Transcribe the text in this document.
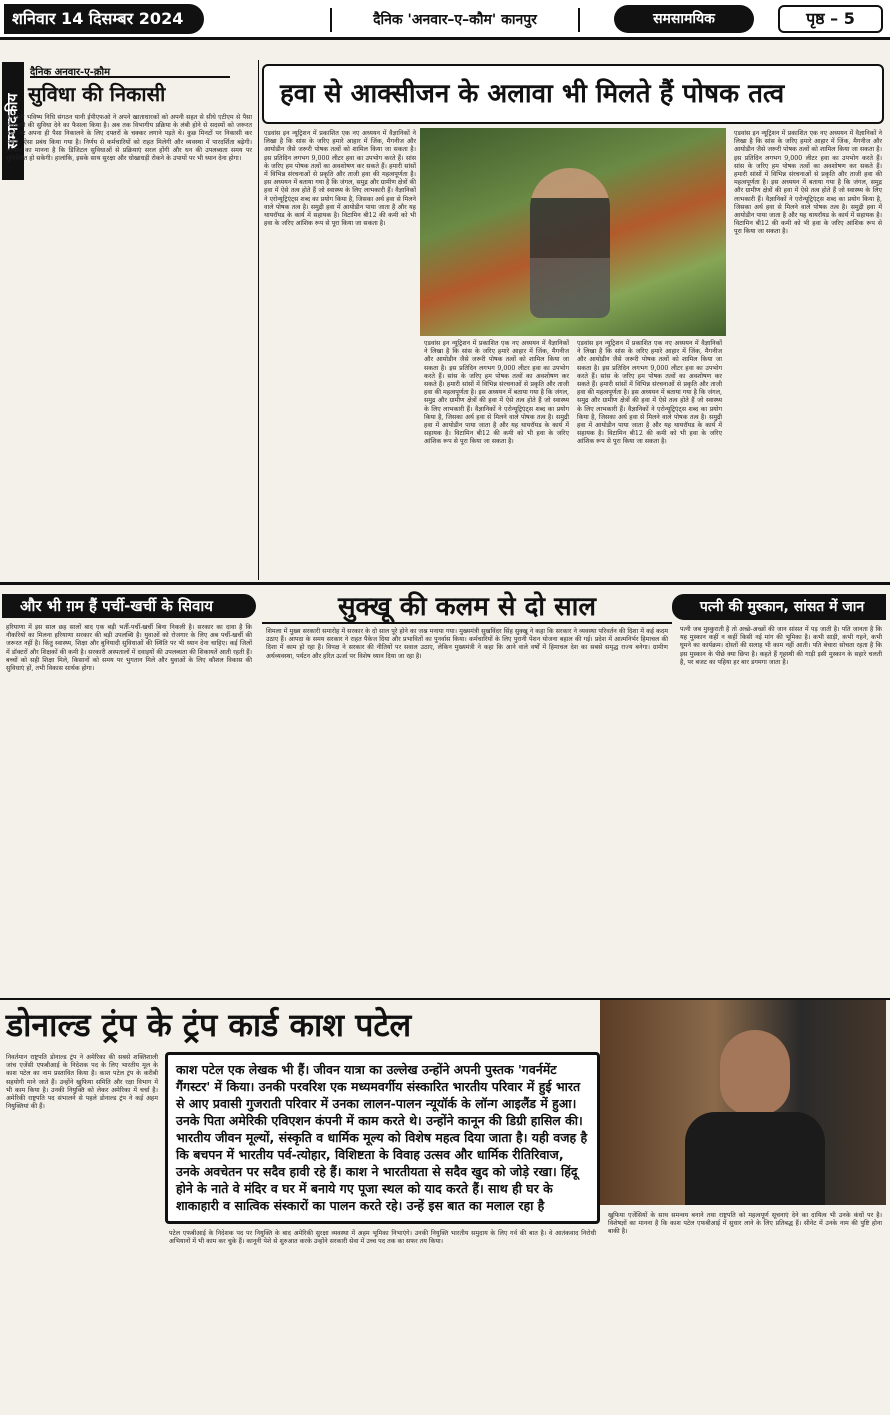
शनिवार 14 दिसम्बर 2024	दैनिक 'अनवार–ए–कौम' कानपुर	समसामयिक	पृष्ठ – 5
सम्पादकीय
दैनिक अनवार-ए-क़ौम
सुविधा की निकासी

कर्मचारी भविष्य निधि संगठन यानी ईपीएफओ ने अपने खाताधारकों को अपनी सहत से सीधे एटीएम से पैसा निकालने की सुविधा देने का फैसला किया है। अब तक विभागीय प्रक्रिया के लंबी होने से सदस्यों को जरूरत पड़ने पर अपना ही पैसा निकालने के लिए दफ्तरों के चक्कर लगाने पड़ते थे। कुछ मिनटों पर निकासी कर सकेंगे, ऐसा प्रबंध किया गया है। निर्णय से कर्मचारियों को राहत मिलेगी और व्यवस्था में पारदर्शिता बढ़ेगी। सरकार का मानना है कि डिजिटल सुविधाओं से प्रक्रियाएं सरल होंगी और धन की उपलब्धता समय पर सुनिश्चित हो सकेगी। हालांकि, इसके साथ सुरक्षा और धोखाधड़ी रोकने के उपायों पर भी ध्यान देना होगा।

हवा से आक्सीजन के अलावा भी मिलते हैं पोषक तत्व

एडवांस इन न्यूट्रिशन में प्रकाशित एक नए अध्ययन में वैज्ञानिकों ने लिखा है कि सांस के जरिए हमारे आहार में जिंक, मैगनीज और आयोडीन जैसे जरूरी पोषक तत्वों को शामिल किया जा सकता है। इस प्रतिदिन लगभग 9,000 लीटर हवा का उपभोग करते हैं। सांस के जरिए हम पोषक तत्वों का अवशोषण कर सकते हैं। हमारी सांसों में विभिन्न संरचनाओं से प्रकृति और ताजी हवा की महत्वपूर्णता है। इस अध्ययन में बताया गया है कि जंगल, समुद्र और ग्रामीण क्षेत्रों की हवा में ऐसे तत्व होते हैं जो स्वास्थ्य के लिए लाभकारी हैं। वैज्ञानिकों ने एरोन्यूट्रिएंट्स शब्द का प्रयोग किया है, जिसका अर्थ हवा से मिलने वाले पोषक तत्व है। समुद्री हवा में आयोडीन पाया जाता है और यह थायरॉयड के कार्य में सहायक है। विटामिन बी12 की कमी को भी हवा के जरिए आंशिक रूप से पूरा किया जा सकता है।

एडवांस इन न्यूट्रिशन में प्रकाशित एक नए अध्ययन में वैज्ञानिकों ने लिखा है कि सांस के जरिए हमारे आहार में जिंक, मैगनीज और आयोडीन जैसे जरूरी पोषक तत्वों को शामिल किया जा सकता है। इस प्रतिदिन लगभग 9,000 लीटर हवा का उपभोग करते हैं। सांस के जरिए हम पोषक तत्वों का अवशोषण कर सकते हैं। हमारी सांसों में विभिन्न संरचनाओं से प्रकृति और ताजी हवा की महत्वपूर्णता है। इस अध्ययन में बताया गया है कि जंगल, समुद्र और ग्रामीण क्षेत्रों की हवा में ऐसे तत्व होते हैं जो स्वास्थ्य के लिए लाभकारी हैं। वैज्ञानिकों ने एरोन्यूट्रिएंट्स शब्द का प्रयोग किया है, जिसका अर्थ हवा से मिलने वाले पोषक तत्व है। समुद्री हवा में आयोडीन पाया जाता है और यह थायरॉयड के कार्य में सहायक है। विटामिन बी12 की कमी को भी हवा के जरिए आंशिक रूप से पूरा किया जा सकता है।

एडवांस इन न्यूट्रिशन में प्रकाशित एक नए अध्ययन में वैज्ञानिकों ने लिखा है कि सांस के जरिए हमारे आहार में जिंक, मैगनीज और आयोडीन जैसे जरूरी पोषक तत्वों को शामिल किया जा सकता है। इस प्रतिदिन लगभग 9,000 लीटर हवा का उपभोग करते हैं। सांस के जरिए हम पोषक तत्वों का अवशोषण कर सकते हैं। हमारी सांसों में विभिन्न संरचनाओं से प्रकृति और ताजी हवा की महत्वपूर्णता है। इस अध्ययन में बताया गया है कि जंगल, समुद्र और ग्रामीण क्षेत्रों की हवा में ऐसे तत्व होते हैं जो स्वास्थ्य के लिए लाभकारी हैं। वैज्ञानिकों ने एरोन्यूट्रिएंट्स शब्द का प्रयोग किया है, जिसका अर्थ हवा से मिलने वाले पोषक तत्व है। समुद्री हवा में आयोडीन पाया जाता है और यह थायरॉयड के कार्य में सहायक है। विटामिन बी12 की कमी को भी हवा के जरिए आंशिक रूप से पूरा किया जा सकता है।

एडवांस इन न्यूट्रिशन में प्रकाशित एक नए अध्ययन में वैज्ञानिकों ने लिखा है कि सांस के जरिए हमारे आहार में जिंक, मैगनीज और आयोडीन जैसे जरूरी पोषक तत्वों को शामिल किया जा सकता है। इस प्रतिदिन लगभग 9,000 लीटर हवा का उपभोग करते हैं। सांस के जरिए हम पोषक तत्वों का अवशोषण कर सकते हैं। हमारी सांसों में विभिन्न संरचनाओं से प्रकृति और ताजी हवा की महत्वपूर्णता है। इस अध्ययन में बताया गया है कि जंगल, समुद्र और ग्रामीण क्षेत्रों की हवा में ऐसे तत्व होते हैं जो स्वास्थ्य के लिए लाभकारी हैं। वैज्ञानिकों ने एरोन्यूट्रिएंट्स शब्द का प्रयोग किया है, जिसका अर्थ हवा से मिलने वाले पोषक तत्व है। समुद्री हवा में आयोडीन पाया जाता है और यह थायरॉयड के कार्य में सहायक है। विटामिन बी12 की कमी को भी हवा के जरिए आंशिक रूप से पूरा किया जा सकता है।

और भी ग़म हैं पर्ची-खर्ची के सिवाय

हरियाणा में इस साल छह सालों बाद एक बड़ी भर्ती-पर्ची-खर्ची बिना निकली है। सरकार का दावा है कि नौकरियों का मिलना हरियाणा सरकार की बड़ी उपलब्धि है। युवाओं को रोजगार के लिए अब पर्ची-खर्ची की जरूरत नहीं है। किंतु स्वास्थ्य, शिक्षा और बुनियादी सुविधाओं की स्थिति पर भी ध्यान देना चाहिए। कई जिलों में डॉक्टरों और शिक्षकों की कमी है। सरकारी अस्पतालों में दवाइयों की उपलब्धता की शिकायतें आती रहती हैं। बच्चों को सही शिक्षा मिले, किसानों को समय पर भुगतान मिले और युवाओं के लिए कौशल विकास की सुविधाएं हों, तभी विकास सार्थक होगा।

सुक्खू की कलम से दो साल

शिमला में मुख्य सरकारी समारोह में सरकार के दो साल पूरे होने का जश्न मनाया गया। मुख्यमंत्री सुखविंदर सिंह सुक्खू ने कहा कि सरकार ने व्यवस्था परिवर्तन की दिशा में कई कदम उठाए हैं। आपदा के समय सरकार ने राहत पैकेज दिया और प्रभावितों का पुनर्वास किया। कर्मचारियों के लिए पुरानी पेंशन योजना बहाल की गई। प्रदेश में आत्मनिर्भर हिमाचल की दिशा में काम हो रहा है। विपक्ष ने सरकार की नीतियों पर सवाल उठाए, लेकिन मुख्यमंत्री ने कहा कि आने वाले वर्षों में हिमाचल देश का सबसे समृद्ध राज्य बनेगा। ग्रामीण अर्थव्यवस्था, पर्यटन और हरित ऊर्जा पर विशेष ध्यान दिया जा रहा है।

पत्नी की मुस्कान, सांसत में जान

पत्नी जब मुस्कुराती है तो अच्छे-अच्छों की जान सांसत में पड़ जाती है। पति जानता है कि यह मुस्कान कहीं न कहीं किसी नई मांग की भूमिका है। कभी साड़ी, कभी गहने, कभी घूमने का कार्यक्रम। दोस्तों की सलाह भी काम नहीं आती। पति बेचारा सोचता रहता है कि इस मुस्कान के पीछे क्या छिपा है। कहते हैं गृहस्थी की गाड़ी इसी मुस्कान के सहारे चलती है, पर बजट का पहिया हर बार डगमगा जाता है।

डोनाल्ड ट्रंप के ट्रंप कार्ड काश पटेल

निवर्तमान राष्ट्रपति डोनाल्ड ट्रंप ने अमेरिका की सबसे शक्तिशाली जांच एजेंसी एफबीआई के निदेशक पद के लिए भारतीय मूल के काश पटेल का नाम प्रस्तावित किया है। काश पटेल ट्रंप के करीबी सहयोगी माने जाते हैं। उन्होंने खुफिया समिति और रक्षा विभाग में भी काम किया है। उनकी नियुक्ति को लेकर अमेरिका में चर्चा है। अमेरिकी राष्ट्रपति पद संभालने से पहले डोनाल्ड ट्रंप ने कई अहम नियुक्तियां की हैं।

काश पटेल एक लेखक भी हैं। जीवन यात्रा का उल्लेख उन्होंने अपनी पुस्तक 'गवर्नमेंट गैंगस्टर' में किया। उनकी परवरिश एक मध्यमवर्गीय संस्कारित भारतीय परिवार में हुई भारत से आए प्रवासी गुजराती परिवार में उनका लालन-पालन न्यूयॉर्क के लॉन्ग आइलैंड में हुआ। उनके पिता अमेरिकी एविएशन कंपनी में काम करते थे। उन्होंने कानून की डिग्री हासिल की। भारतीय जीवन मूल्यों, संस्कृति व धार्मिक मूल्य को विशेष महत्व दिया जाता है। यही वजह है कि बचपन में भारतीय पर्व-त्योहार, विशिष्टता के विवाह उत्सव और धार्मिक रीतिरिवाज, उनके अवचेतन पर सदैव हावी रहे हैं। काश ने भारतीयता से सदैव खुद को जोड़े रखा। हिंदू होने के नाते वे मंदिर व घर में बनाये गए पूजा स्थल को याद करते हैं। साथ ही घर के शाकाहारी व सात्विक संस्कारों का पालन करते रहे। उन्हें इस बात का मलाल रहा है

पटेल एफबीआई के निदेशक पद पर नियुक्ति के बाद अमेरिकी सुरक्षा व्यवस्था में अहम भूमिका निभाएंगे। उनकी नियुक्ति भारतीय समुदाय के लिए गर्व की बात है। वे आतंकवाद निरोधी अभियानों में भी काम कर चुके हैं। कानूनी पेशे से शुरुआत करके उन्होंने सरकारी सेवा में उच्च पद तक का सफर तय किया।

खुफिया एजेंसियों के साथ समन्वय बनाने तथा राष्ट्रपति को महत्वपूर्ण सूचनाएं देने का दायित्व भी उनके कंधों पर है। विशेषज्ञों का मानना है कि काश पटेल एफबीआई में सुधार लाने के लिए प्रतिबद्ध हैं। सीनेट में उनके नाम की पुष्टि होना बाकी है।
